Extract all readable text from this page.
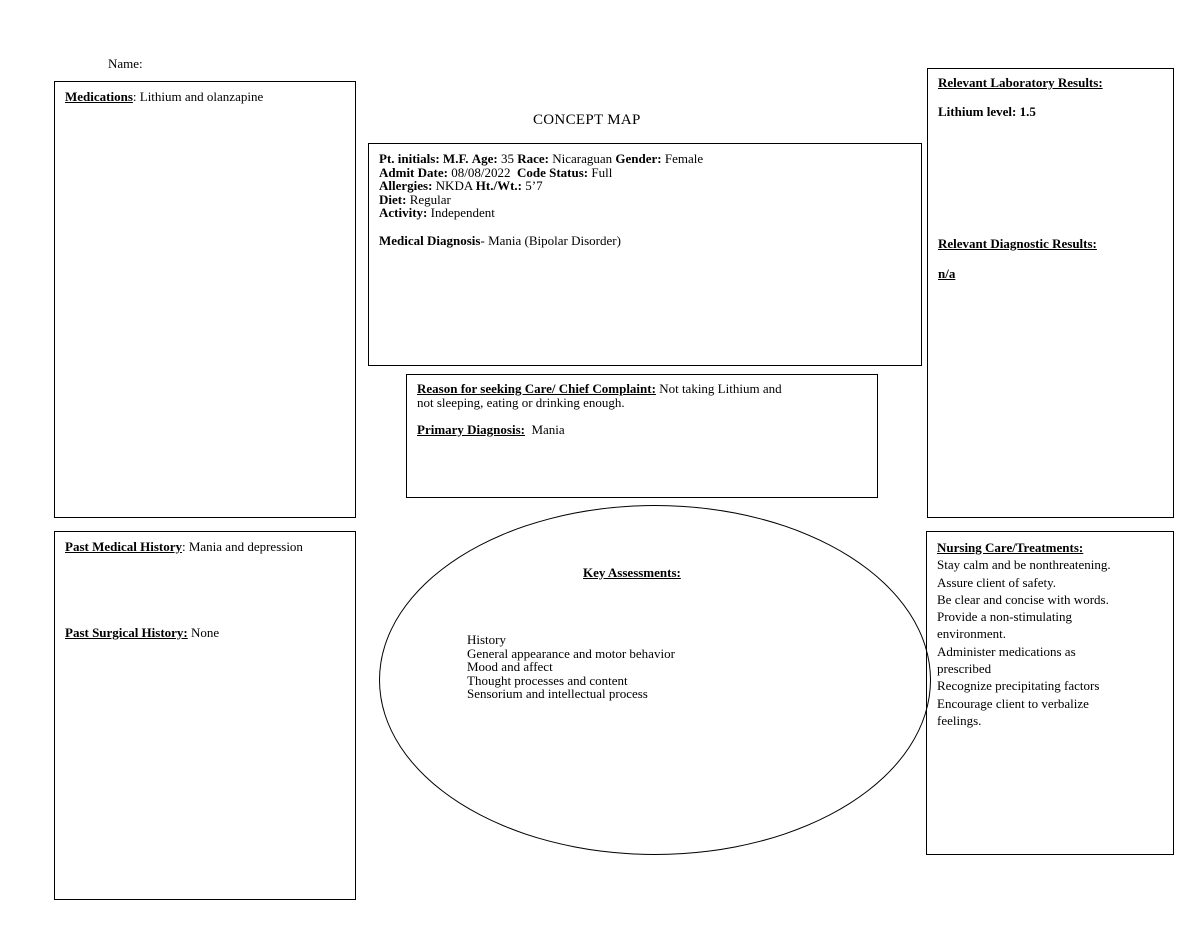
Name:
CONCEPT MAP
Medications: Lithium and olanzapine
Past Medical History: Mania and depression
Past Surgical History: None
Pt. initials: M.F. Age: 35 Race: Nicaraguan Gender: Female
Admit Date: 08/08/2022 Code Status: Full
Allergies: NKDA Ht./Wt.: 5’7
Diet: Regular
Activity: Independent
Medical Diagnosis- Mania (Bipolar Disorder)
Reason for seeking Care/ Chief Complaint: Not taking Lithium and
not sleeping, eating or drinking enough.
Primary Diagnosis:  Mania
Key Assessments:
History
General appearance and motor behavior
Mood and affect
Thought processes and content
Sensorium and intellectual process
Relevant Laboratory Results:
Lithium level: 1.5
Relevant Diagnostic Results:
n/a
Nursing Care/Treatments:
Stay calm and be nonthreatening.
Assure client of safety.
Be clear and concise with words.
Provide a non-stimulating
environment.
Administer medications as
prescribed
Recognize precipitating factors
Encourage client to verbalize
feelings.
